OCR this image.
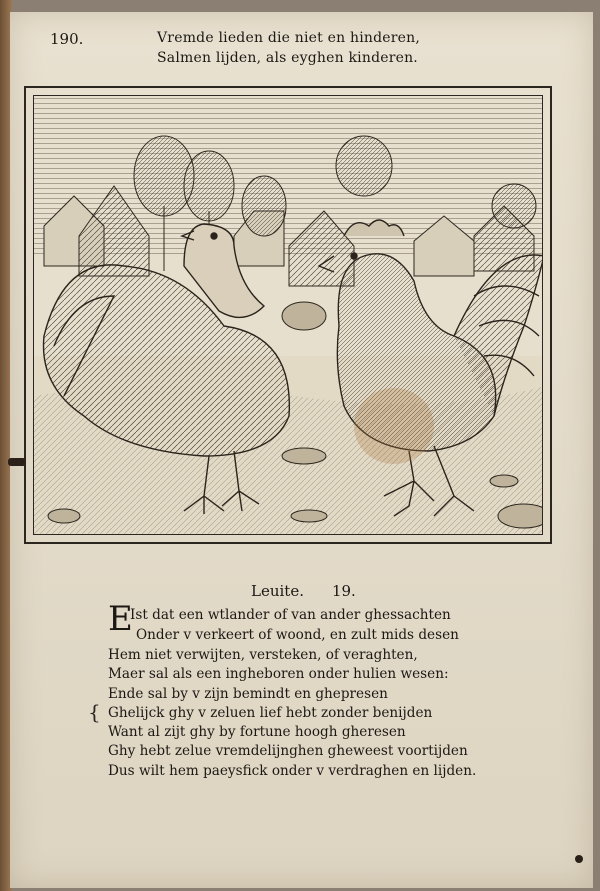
190.	Vremde lieden die niet en hinderen,
Salmen lijden, als eyghen kinderen.
Leuite. 19.
E
{
Ist dat een wtlander of van ander ghessachten
Onder v verkeert of woond, en zult mids desen
Hem niet verwijten, versteken, of veraghten,
Maer sal als een ingheboren onder hulien wesen:
Ende sal by v zijn bemindt en ghepresen
Ghelijck ghy v zeluen lief hebt zonder benijden
Want al zijt ghy by fortune hoogh gheresen
Ghy hebt zelue vremdelijnghen gheweest voortijden
Dus wilt hem paeysfick onder v verdraghen en lijden.
